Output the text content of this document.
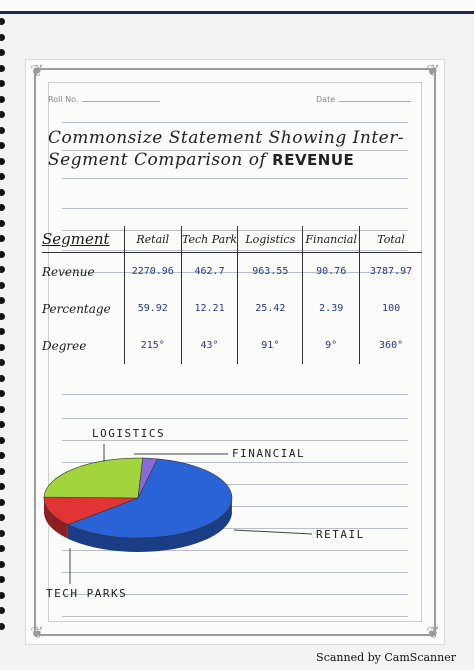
❦	❦
❦	❦
Roll No.	Date
Commonsize Statement Showing Inter-
Segment Comparison of REVENUE
Segment	Retail	Tech Park	Logistics	Financial	Total
Revenue	2270.96	462.7	963.55	90.76	3787.97
Percentage	59.92	12.21	25.42	2.39	100
Degree	215°	43°	91°	9°	360°
LOGISTICS
FINANCIAL
RETAIL
TECH PARKS
Scanned by CamScanner
